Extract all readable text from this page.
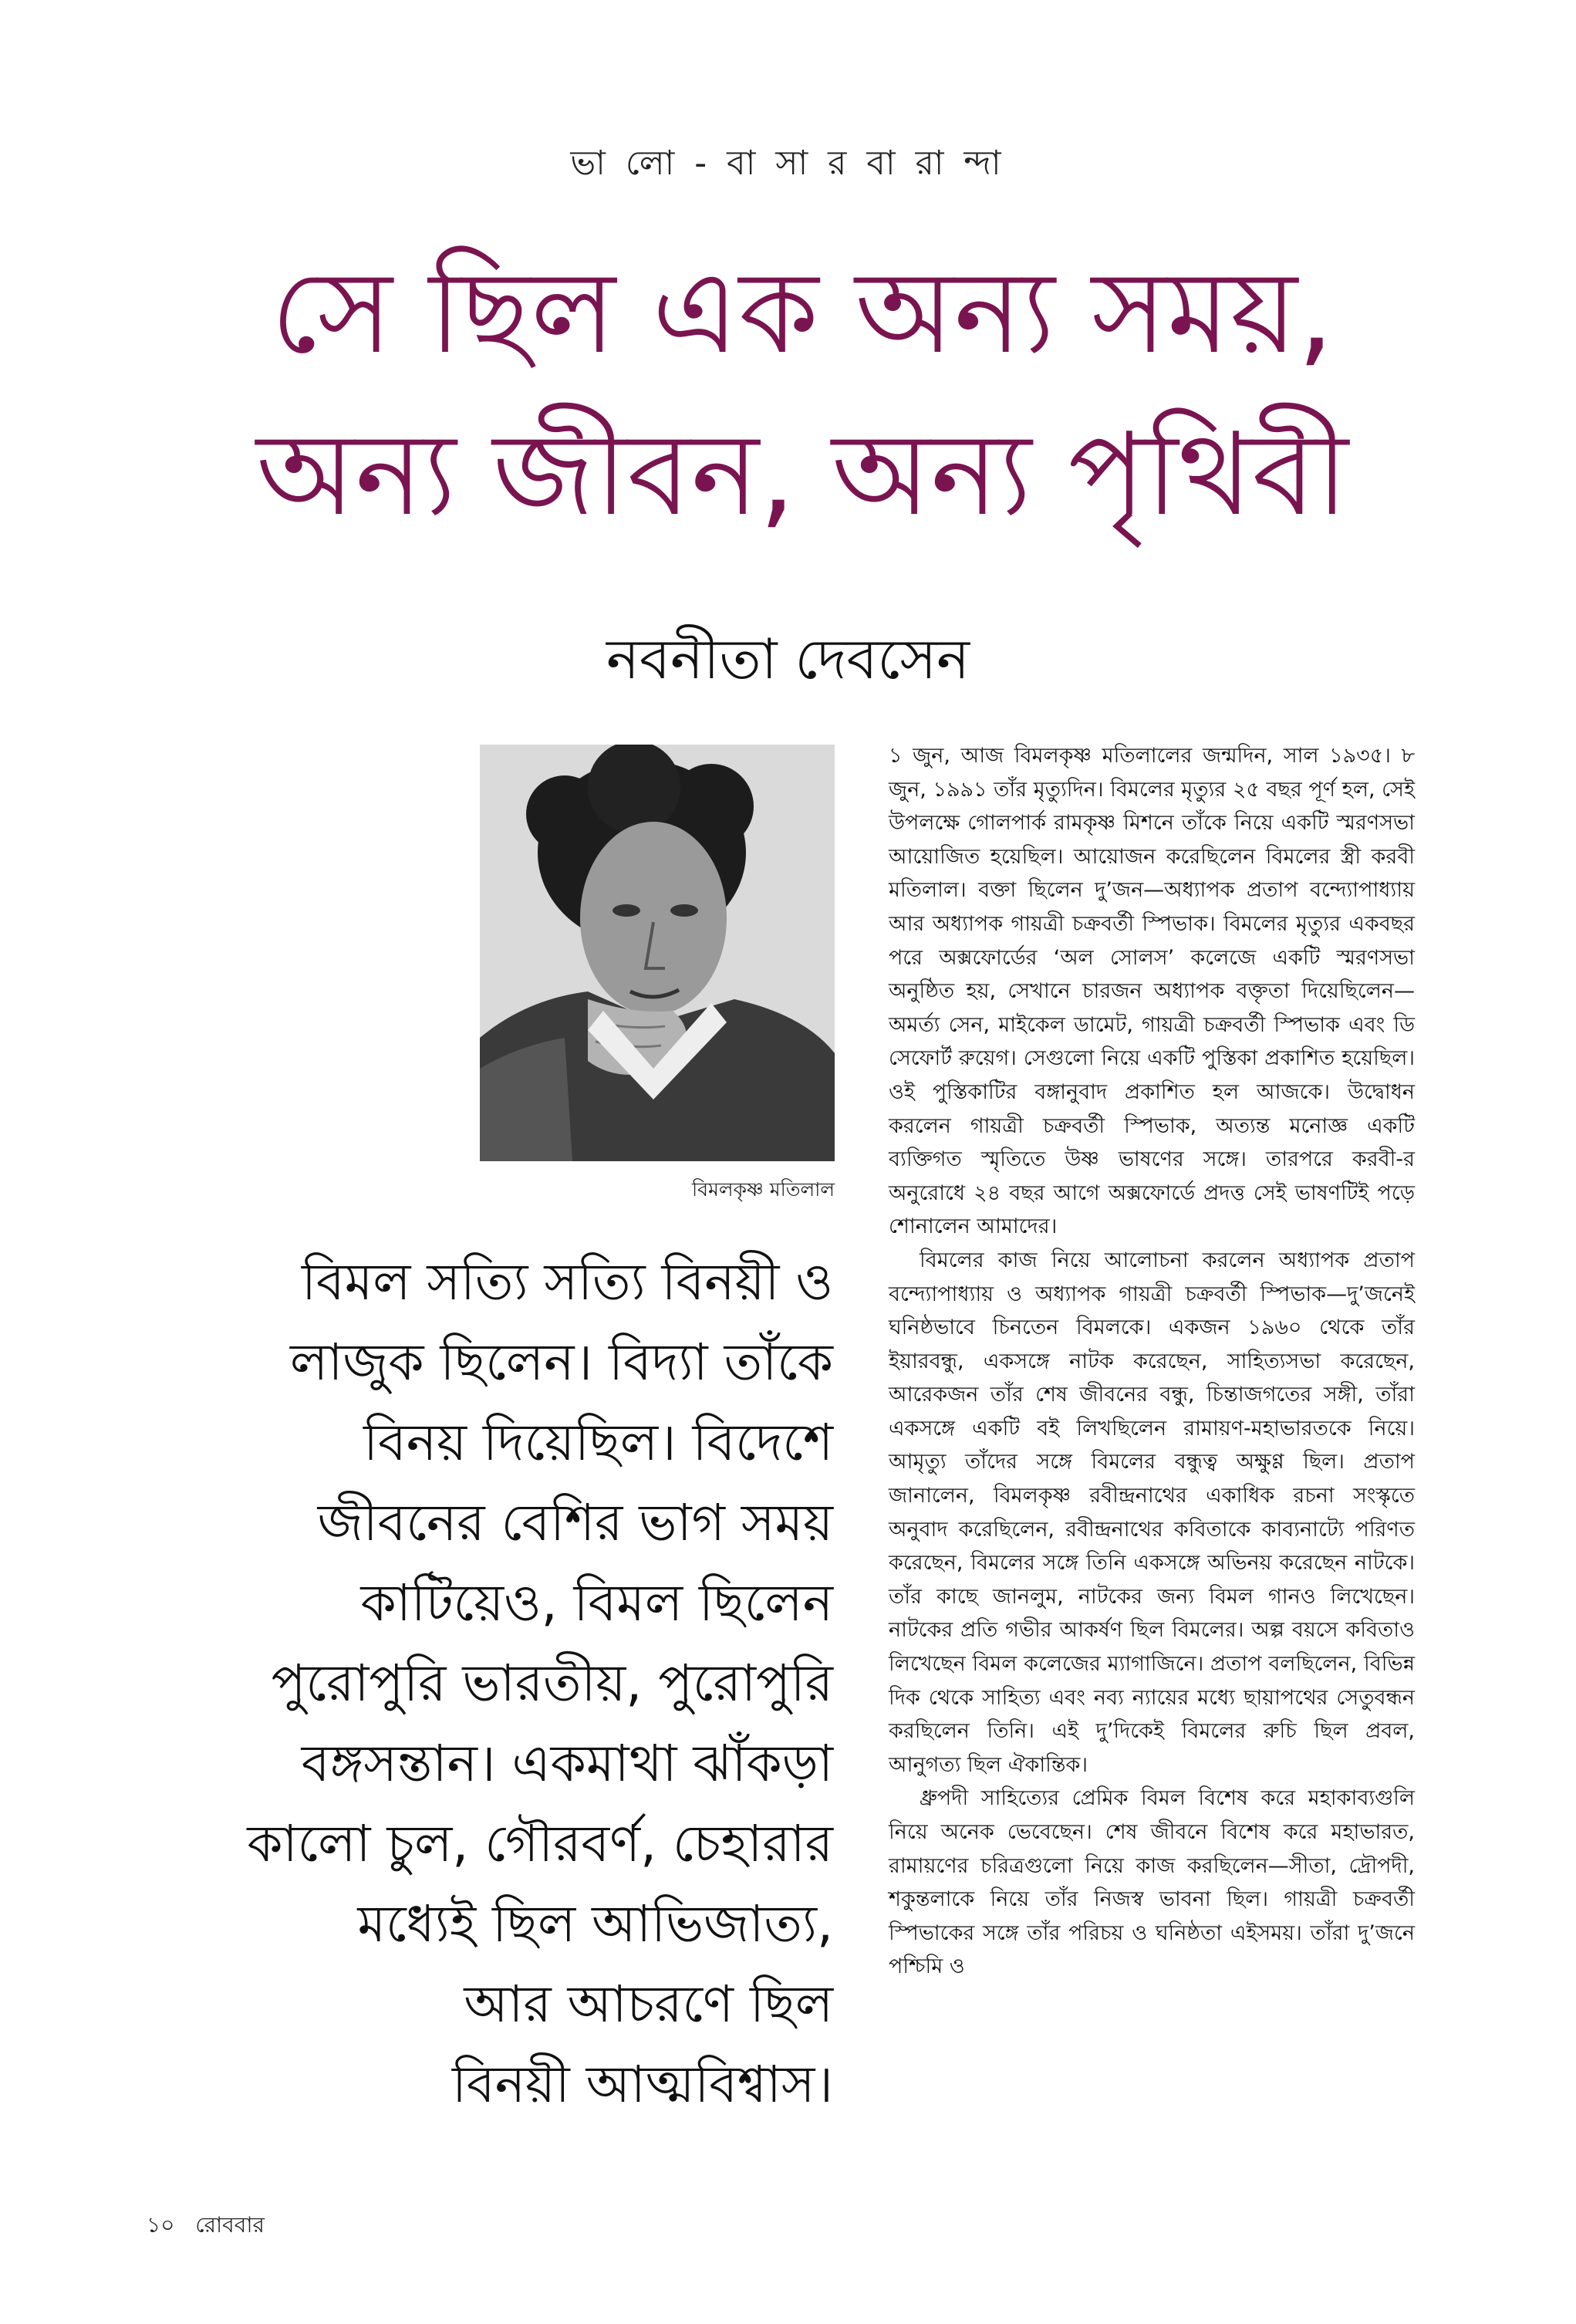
ভা লো - বা সা র বা রা ন্দা
সে ছিল এক অন্য সময়,
অন্য জীবন, অন্য পৃথিবী
নবনীতা দেবসেন
বিমলকৃষ্ণ মতিলাল
বিমল সত্যি সত্যি বিনয়ী ও
লাজুক ছিলেন। বিদ্যা তাঁকে
বিনয় দিয়েছিল। বিদেশে
জীবনের বেশির ভাগ সময়
কাটিয়েও, বিমল ছিলেন
পুরোপুরি ভারতীয়, পুরোপুরি
বঙ্গসন্তান। একমাথা ঝাঁকড়া
কালো চুল, গৌরবর্ণ, চেহারার
মধ্যেই ছিল আভিজাত্য,
আর আচরণে ছিল
বিনয়ী আত্মবিশ্বাস।

১ জুন, আজ বিমলকৃষ্ণ মতিলালের জন্মদিন, সাল ১৯৩৫। ৮ জুন, ১৯৯১ তাঁর মৃত্যুদিন। বিমলের মৃত্যুর ২৫ বছর পূর্ণ হল, সেই উপলক্ষে গোলপার্ক রামকৃষ্ণ মিশনে তাঁকে নিয়ে একটি স্মরণসভা আয়োজিত হয়েছিল। আয়োজন করেছিলেন বিমলের স্ত্রী করবী মতিলাল। বক্তা ছিলেন দু’জন—অধ্যাপক প্রতাপ বন্দ্যোপাধ্যায় আর অধ্যাপক গায়ত্রী চক্রবর্তী স্পিভাক। বিমলের মৃত্যুর একবছর পরে অক্সফোর্ডের ‘অল সোলস’ কলেজে একটি স্মরণসভা অনুষ্ঠিত হয়, সেখানে চারজন অধ্যাপক বক্তৃতা দিয়েছিলেন—অমর্ত্য সেন, মাইকেল ডামেট, গায়ত্রী চক্রবর্তী স্পিভাক এবং ডি সেফোর্ট রুয়েগ। সেগুলো নিয়ে একটি পুস্তিকা প্রকাশিত হয়েছিল। ওই পুস্তিকাটির বঙ্গানুবাদ প্রকাশিত হল আজকে। উদ্বোধন করলেন গায়ত্রী চক্রবর্তী স্পিভাক, অত্যন্ত মনোজ্ঞ একটি ব্যক্তিগত স্মৃতিতে উষ্ণ ভাষণের সঙ্গে। তারপরে করবী-র অনুরোধে ২৪ বছর আগে অক্সফোর্ডে প্রদত্ত সেই ভাষণটিই পড়ে শোনালেন আমাদের।

বিমলের কাজ নিয়ে আলোচনা করলেন অধ্যাপক প্রতাপ বন্দ্যোপাধ্যায় ও অধ্যাপক গায়ত্রী চক্রবর্তী স্পিভাক—দু’জনেই ঘনিষ্ঠভাবে চিনতেন বিমলকে। একজন ১৯৬০ থেকে তাঁর ইয়ারবন্ধু, একসঙ্গে নাটক করেছেন, সাহিত্যসভা করেছেন, আরেকজন তাঁর শেষ জীবনের বন্ধু, চিন্তাজগতের সঙ্গী, তাঁরা একসঙ্গে একটি বই লিখছিলেন রামায়ণ-মহাভারতকে নিয়ে। আমৃত্যু তাঁদের সঙ্গে বিমলের বন্ধুত্ব অক্ষুণ্ণ ছিল। প্রতাপ জানালেন, বিমলকৃষ্ণ রবীন্দ্রনাথের একাধিক রচনা সংস্কৃতে অনুবাদ করেছিলেন, রবীন্দ্রনাথের কবিতাকে কাব্যনাট্যে পরিণত করেছেন, বিমলের সঙ্গে তিনি একসঙ্গে অভিনয় করেছেন নাটকে। তাঁর কাছে জানলুম, নাটকের জন্য বিমল গানও লিখেছেন। নাটকের প্রতি গভীর আকর্ষণ ছিল বিমলের। অল্প বয়সে কবিতাও লিখেছেন বিমল কলেজের ম্যাগাজিনে। প্রতাপ বলছিলেন, বিভিন্ন দিক থেকে সাহিত্য এবং নব্য ন্যায়ের মধ্যে ছায়াপথের সেতুবন্ধন করছিলেন তিনি। এই দু’দিকেই বিমলের রুচি ছিল প্রবল, আনুগত্য ছিল ঐকান্তিক।

ধ্রুপদী সাহিত্যের প্রেমিক বিমল বিশেষ করে মহাকাব্যগুলি নিয়ে অনেক ভেবেছেন। শেষ জীবনে বিশেষ করে মহাভারত, রামায়ণের চরিত্রগুলো নিয়ে কাজ করছিলেন—সীতা, দ্রৌপদী, শকুন্তলাকে নিয়ে তাঁর নিজস্ব ভাবনা ছিল। গায়ত্রী চক্রবর্তী স্পিভাকের সঙ্গে তাঁর পরিচয় ও ঘনিষ্ঠতা এইসময়। তাঁরা দু’জনে পশ্চিমি ও

১০ রোববার
